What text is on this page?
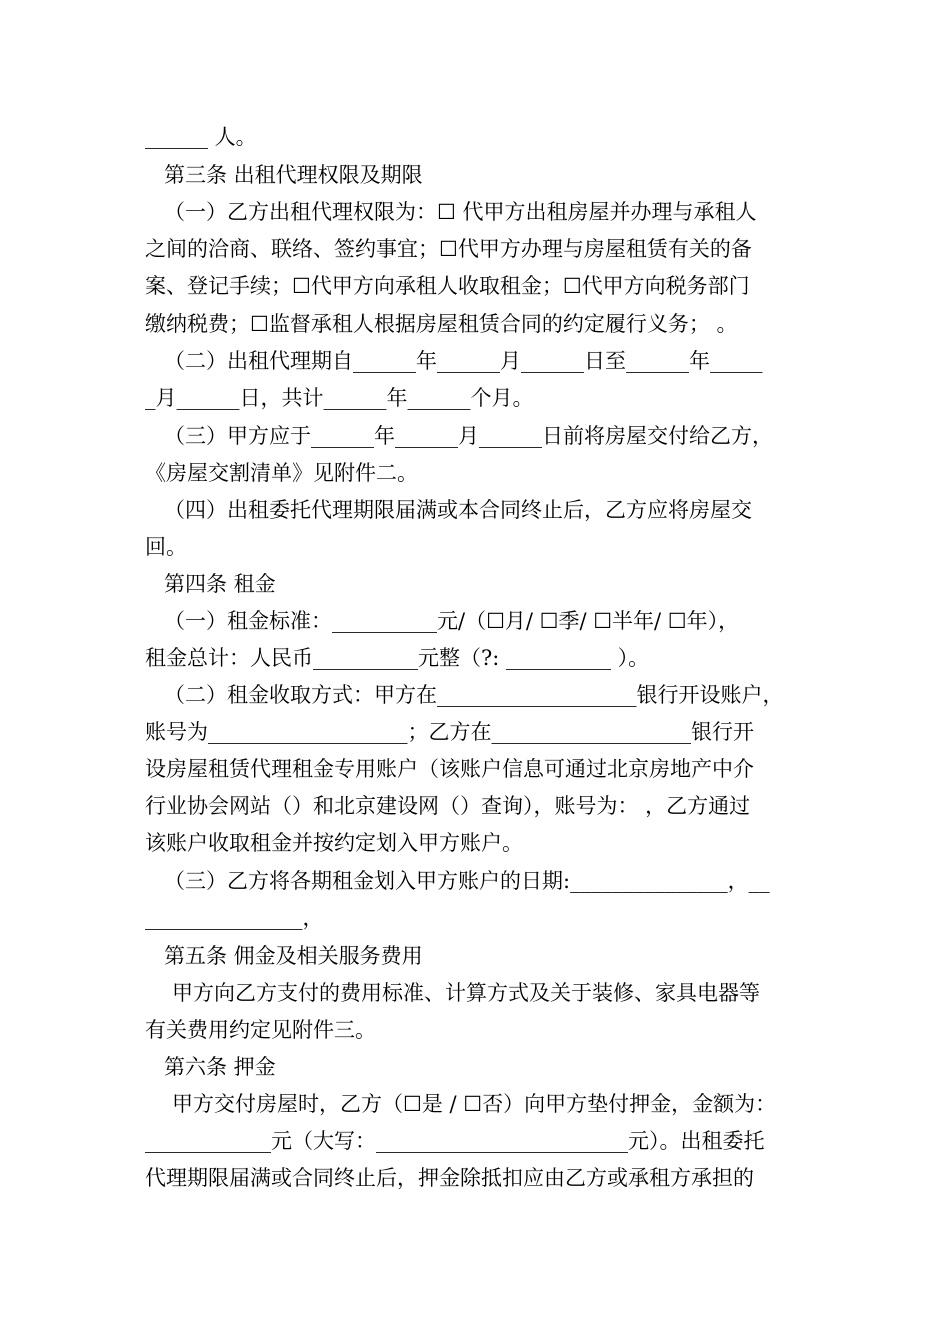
______ 人。
第三条 出租代理权限及期限
（一）乙方出租代理权限为：☐ 代甲方出租房屋并办理与承租人
之间的洽商、联络、签约事宜；☐代甲方办理与房屋租赁有关的备
案、登记手续；☐代甲方向承租人收取租金；☐代甲方向税务部门
缴纳税费；☐监督承租人根据房屋租赁合同的约定履行义务； 。
（二）出租代理期自______年______月______日至______年_____
_月______日，共计______年______个月。
（三）甲方应于______年______月______日前将房屋交付给乙方，
《房屋交割清单》见附件二。
（四）出租委托代理期限届满或本合同终止后，乙方应将房屋交
回。
第四条 租金
（一）租金标准：__________元/（☐月/ ☐季/ ☐半年/ ☐年），
租金总计：人民币__________元整（?: __________ ）。
（二）租金收取方式：甲方在___________________银行开设账户，
账号为___________________；乙方在___________________银行开
设房屋租赁代理租金专用账户（该账户信息可通过北京房地产中介
行业协会网站（）和北京建设网（）查询），账号为： ，乙方通过
该账户收取租金并按约定划入甲方账户。
（三）乙方将各期租金划入甲方账户的日期:_______________，__
_______________，
第五条 佣金及相关服务费用
甲方向乙方支付的费用标准、计算方式及关于装修、家具电器等
有关费用约定见附件三。
第六条 押金
甲方交付房屋时，乙方（☐是 / ☐否）向甲方垫付押金，金额为：
____________元（大写：________________________元）。出租委托
代理期限届满或合同终止后，押金除抵扣应由乙方或承租方承担的
